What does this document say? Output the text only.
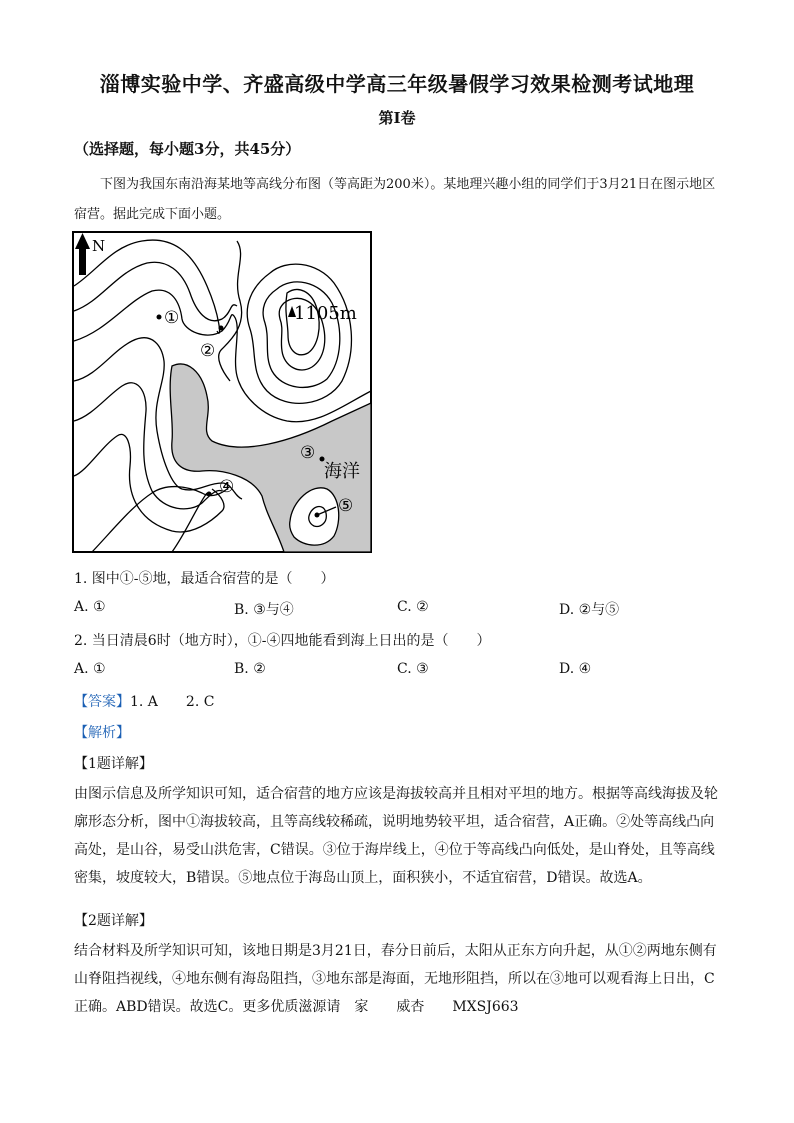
淄博实验中学、齐盛高级中学高三年级暑假学习效果检测考试地理
第I卷
（选择题，每小题3分，共45分）
下图为我国东南沿海某地等高线分布图（等高距为200米）。某地理兴趣小组的同学们于3月21日在图示地区宿营。据此完成下面小题。
N
1105m
①
②
③
④
⑤
海洋
1. 图中①-⑤地，最适合宿营的是（　　）
A. ①	B. ③与④	C. ②	D. ②与⑤
2. 当日清晨6时（地方时），①-④四地能看到海上日出的是（　　）
A. ①	B. ②	C. ③	D. ④
【答案】1. A　　2. C
【解析】
【1题详解】
由图示信息及所学知识可知，适合宿营的地方应该是海拔较高并且相对平坦的地方。根据等高线海拔及轮廓形态分析，图中①海拔较高，且等高线较稀疏，说明地势较平坦，适合宿营，A正确。②处等高线凸向高处，是山谷，易受山洪危害，C错误。③位于海岸线上，④位于等高线凸向低处，是山脊处，且等高线密集，坡度较大，B错误。⑤地点位于海岛山顶上，面积狭小，不适宜宿营，D错误。故选A。
【2题详解】
结合材料及所学知识可知，该地日期是3月21日，春分日前后，太阳从正东方向升起，从①②两地东侧有山脊阻挡视线，④地东侧有海岛阻挡，③地东部是海面，无地形阻挡，所以在③地可以观看海上日出，C正确。ABD错误。故选C。更多优质滋源请　家　　威杏　　MXSJ663
